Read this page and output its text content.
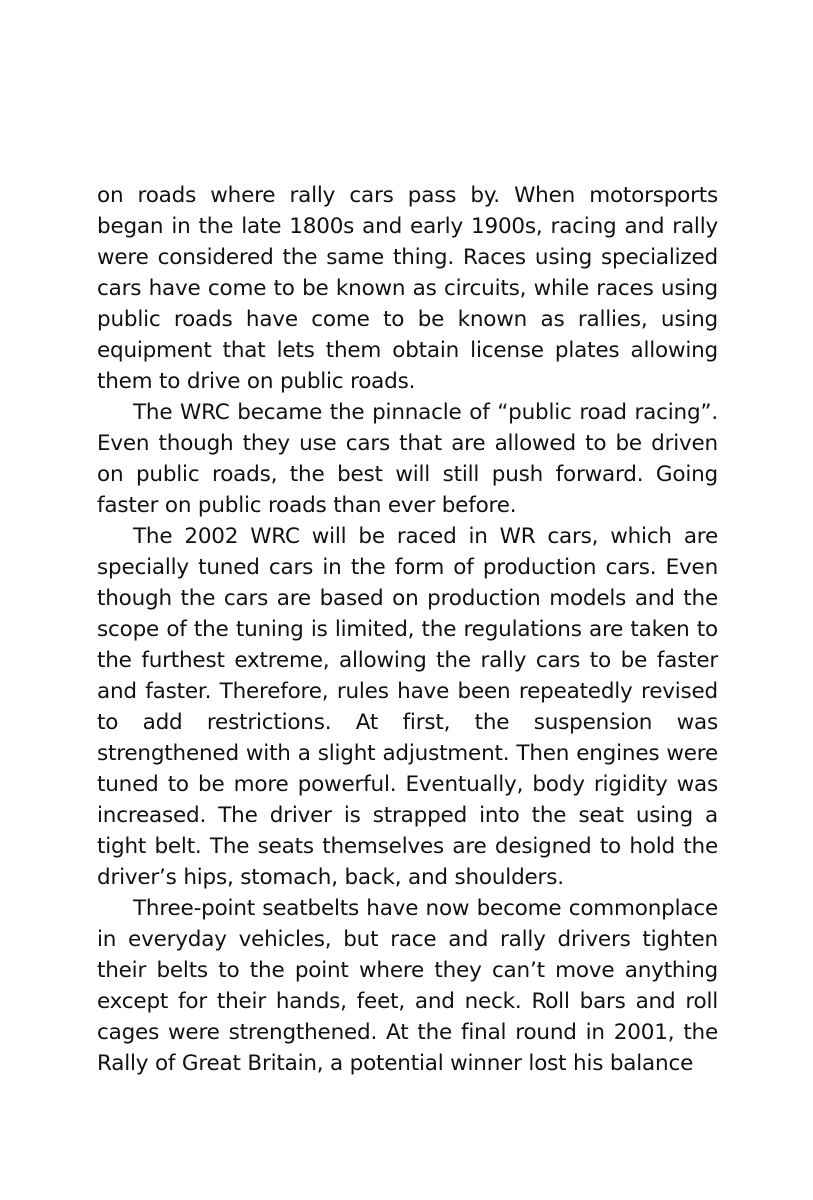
on roads where rally cars pass by. When motorsports began in the late 1800s and early 1900s, racing and rally were considered the same thing. Races using specialized cars have come to be known as circuits, while races using public roads have come to be known as rallies, using equipment that lets them obtain license plates allowing them to drive on public roads.

The WRC became the pinnacle of “public road racing”. Even though they use cars that are allowed to be driven on public roads, the best will still push forward. Going faster on public roads than ever before.

The 2002 WRC will be raced in WR cars, which are specially tuned cars in the form of production cars. Even though the cars are based on production models and the scope of the tuning is limited, the regulations are taken to the furthest extreme, allowing the rally cars to be faster and faster. Therefore, rules have been repeatedly revised to add restrictions. At first, the suspension was strengthened with a slight adjustment. Then engines were tuned to be more powerful. Eventually, body rigidity was increased. The driver is strapped into the seat using a tight belt. The seats themselves are designed to hold the driver’s hips, stomach, back, and shoulders.

Three-point seatbelts have now become commonplace in everyday vehicles, but race and rally drivers tighten their belts to the point where they can’t move anything except for their hands, feet, and neck. Roll bars and roll cages were strengthened. At the final round in 2001, the Rally of Great Britain, a potential winner lost his balance
